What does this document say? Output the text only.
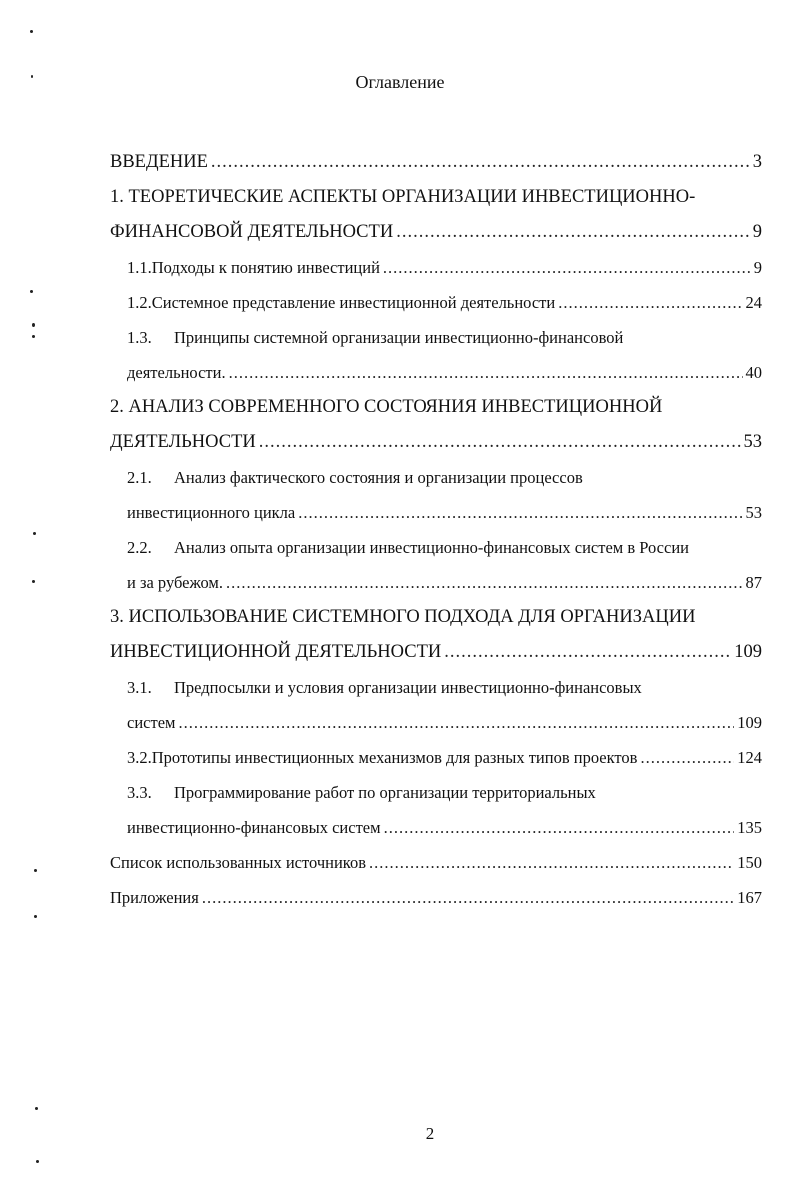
Оглавление
ВВЕДЕНИЕ .....	3
1. ТЕОРЕТИЧЕСКИЕ АСПЕКТЫ ОРГАНИЗАЦИИ ИНВЕСТИЦИОННО-
ФИНАНСОВОЙ ДЕЯТЕЛЬНОСТИ .....	9
1.1. Подходы к понятию инвестиций .....	9
1.2. Системное представление инвестиционной деятельности .....	24
1.3.	Принципы системной организации инвестиционно-финансовой
деятельности. .....	40
2. АНАЛИЗ СОВРЕМЕННОГО СОСТОЯНИЯ ИНВЕСТИЦИОННОЙ
ДЕЯТЕЛЬНОСТИ .....	53
2.1.	Анализ фактического состояния и организации процессов
инвестиционного цикла .....	53
2.2.	Анализ опыта организации инвестиционно-финансовых систем в России
и за рубежом. .....	87
3. ИСПОЛЬЗОВАНИЕ СИСТЕМНОГО ПОДХОДА ДЛЯ ОРГАНИЗАЦИИ
ИНВЕСТИЦИОННОЙ ДЕЯТЕЛЬНОСТИ .....	109
3.1.	Предпосылки и условия организации инвестиционно-финансовых
систем .....	109
3.2. Прототипы инвестиционных механизмов для разных типов проектов .....	124
3.3.	Программирование работ по организации территориальных
инвестиционно-финансовых систем .....	135
Список использованных источников .....	150
Приложения .....	167
2
